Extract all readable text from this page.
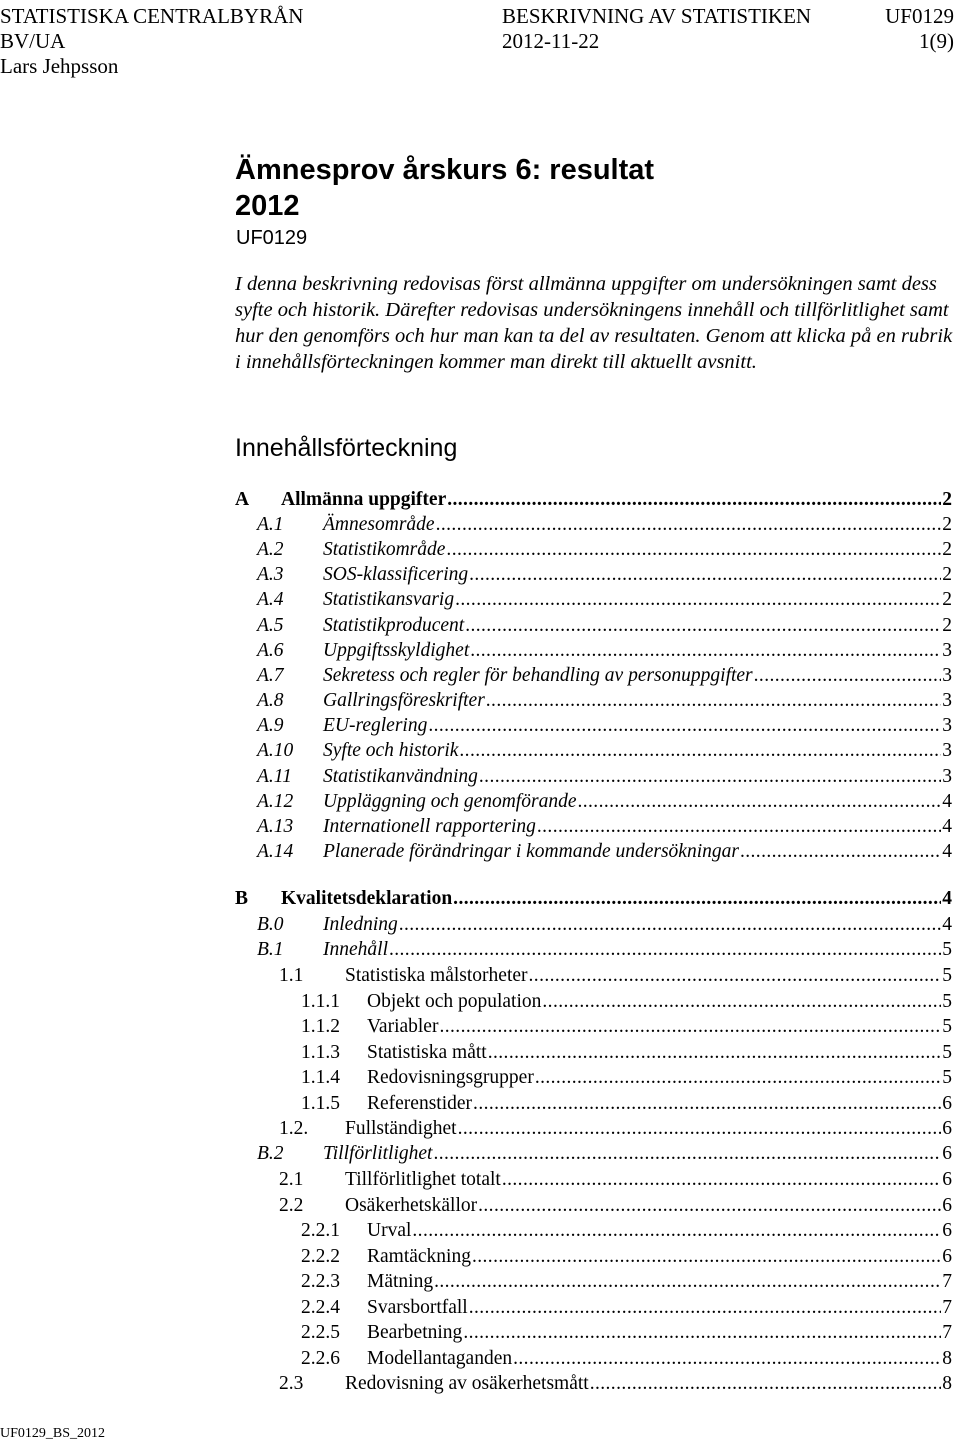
STATISTISKA CENTRALBYRÅN	BESKRIVNING AV STATISTIKEN	UF0129
BV/UA	2012-11-22	1(9)
Lars Jehpsson
Ämnesprov årskurs 6: resultat
2012
UF0129
I denna beskrivning redovisas först allmänna uppgifter om undersökningen samt dess syfte och historik. Därefter redovisas undersökningens innehåll och tillförlitlighet samt hur den genomförs och hur man kan ta del av resultaten. Genom att klicka på en rubrik i innehållsförteckningen kommer man direkt till aktuellt avsnitt.
Innehållsförteckning
A	Allmänna uppgifter .....	2
A.1	Ämnesområde .....	2
A.2	Statistikområde .....	2
A.3	SOS-klassificering .....	2
A.4	Statistikansvarig .....	2
A.5	Statistikproducent .....	2
A.6	Uppgiftsskyldighet .....	3
A.7	Sekretess och regler för behandling av personuppgifter .....	3
A.8	Gallringsföreskrifter .....	3
A.9	EU-reglering .....	3
A.10	Syfte och historik .....	3
A.11	Statistikanvändning .....	3
A.12	Uppläggning och genomförande .....	4
A.13	Internationell rapportering .....	4
A.14	Planerade förändringar i kommande undersökningar .....	4
B	Kvalitetsdeklaration .....	4
B.0	Inledning .....	4
B.1	Innehåll .....	5
1.1	Statistiska målstorheter .....	5
1.1.1	Objekt och population .....	5
1.1.2	Variabler .....	5
1.1.3	Statistiska mått .....	5
1.1.4	Redovisningsgrupper .....	5
1.1.5	Referenstider .....	6
1.2.	Fullständighet .....	6
B.2	Tillförlitlighet .....	6
2.1	Tillförlitlighet totalt .....	6
2.2	Osäkerhetskällor .....	6
2.2.1	Urval .....	6
2.2.2	Ramtäckning .....	6
2.2.3	Mätning .....	7
2.2.4	Svarsbortfall .....	7
2.2.5	Bearbetning .....	7
2.2.6	Modellantaganden .....	8
2.3	Redovisning av osäkerhetsmått .....	8
UF0129_BS_2012
